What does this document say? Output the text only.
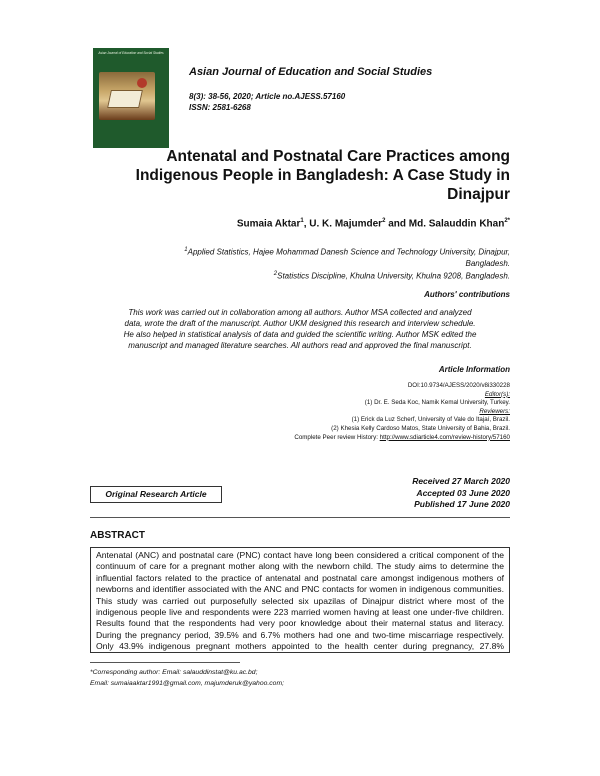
Asian Journal of Education and Social Studies
Asian Journal of Education and Social Studies
8(3): 38-56, 2020; Article no.AJESS.57160
ISSN: 2581-6268
Antenatal and Postnatal Care Practices among
Indigenous People in Bangladesh: A Case Study in
Dinajpur
Sumaia Aktar$^1$, U. K. Majumder$^2$ and Md. Salauddin Khan$^{2*}$
$^1$Applied Statistics, Hajee Mohammad Danesh Science and Technology University, Dinajpur,
Bangladesh.
$^2$Statistics Discipline, Khulna University, Khulna 9208, Bangladesh.
Authors' contributions
This work was carried out in collaboration among all authors. Author MSA collected and analyzed
data, wrote the draft of the manuscript. Author UKM designed this research and interview schedule.
He also helped in statistical analysis of data and guided the scientific writing. Author MSK edited the
manuscript and managed literature searches. All authors read and approved the final manuscript.
Article Information
DOI:10.9734/AJESS/2020/v8i330228
Editor(s):
(1) Dr. E. Seda Koc, Namik Kemal University, Turkey.
Reviewers:
(1) Erick da Luz Scherf, University of Vale do Itajaí, Brazil.
(2) Khesia Kelly Cardoso Matos, State University of Bahia, Brazil.
Complete Peer review History: http://www.sdiarticle4.com/review-history/57160
Original Research Article
Received 27 March 2020
Accepted 03 June 2020
Published 17 June 2020
ABSTRACT
Antenatal (ANC) and postnatal care (PNC) contact have long been considered a critical component of the continuum of care for a pregnant mother along with the newborn child. The study aims to determine the influential factors related to the practice of antenatal and postnatal care amongst indigenous mothers of newborns and identifier associated with the ANC and PNC contacts for women in indigenous communities. This study was carried out purposefully selected six upazilas of Dinajpur district where most of the indigenous people live and respondents were 223 married women having at least one under-five children. Results found that the respondents had very poor knowledge about their maternal status and literacy. During the pregnancy period, 39.5% and 6.7% mothers had one and two-time miscarriage respectively. Only 43.9% indigenous pregnant mothers appointed to the health center during pregnancy, 27.8%
*Corresponding author: Email: salauddinstat@ku.ac.bd;
Email: sumaiaaktar1991@gmail.com, majumderuk@yahoo.com;
